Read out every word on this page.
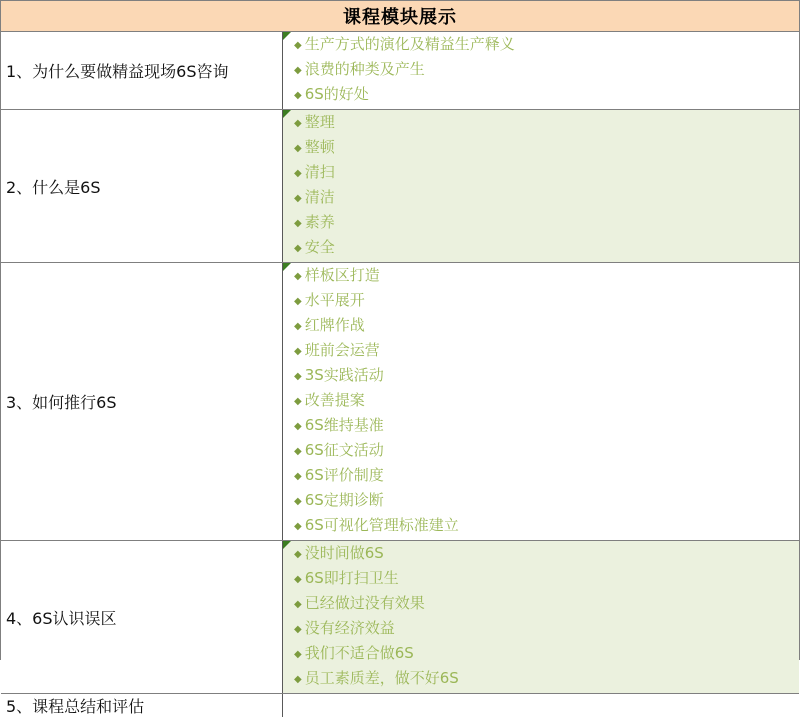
课程模块展示
1、为什么要做精益现场6S咨询
◆ 生产方式的演化及精益生产释义
◆ 浪费的种类及产生
◆ 6S的好处
2、什么是6S
◆ 整理
◆ 整顿
◆ 清扫
◆ 清洁
◆ 素养
◆ 安全
3、如何推行6S
◆ 样板区打造
◆ 水平展开
◆ 红牌作战
◆ 班前会运营
◆ 3S实践活动
◆ 改善提案
◆ 6S维持基准
◆ 6S征文活动
◆ 6S评价制度
◆ 6S定期诊断
◆ 6S可视化管理标准建立
4、6S认识误区
◆ 没时间做6S
◆ 6S即打扫卫生
◆ 已经做过没有效果
◆ 没有经济效益
◆ 我们不适合做6S
◆ 员工素质差，做不好6S
5、课程总结和评估
